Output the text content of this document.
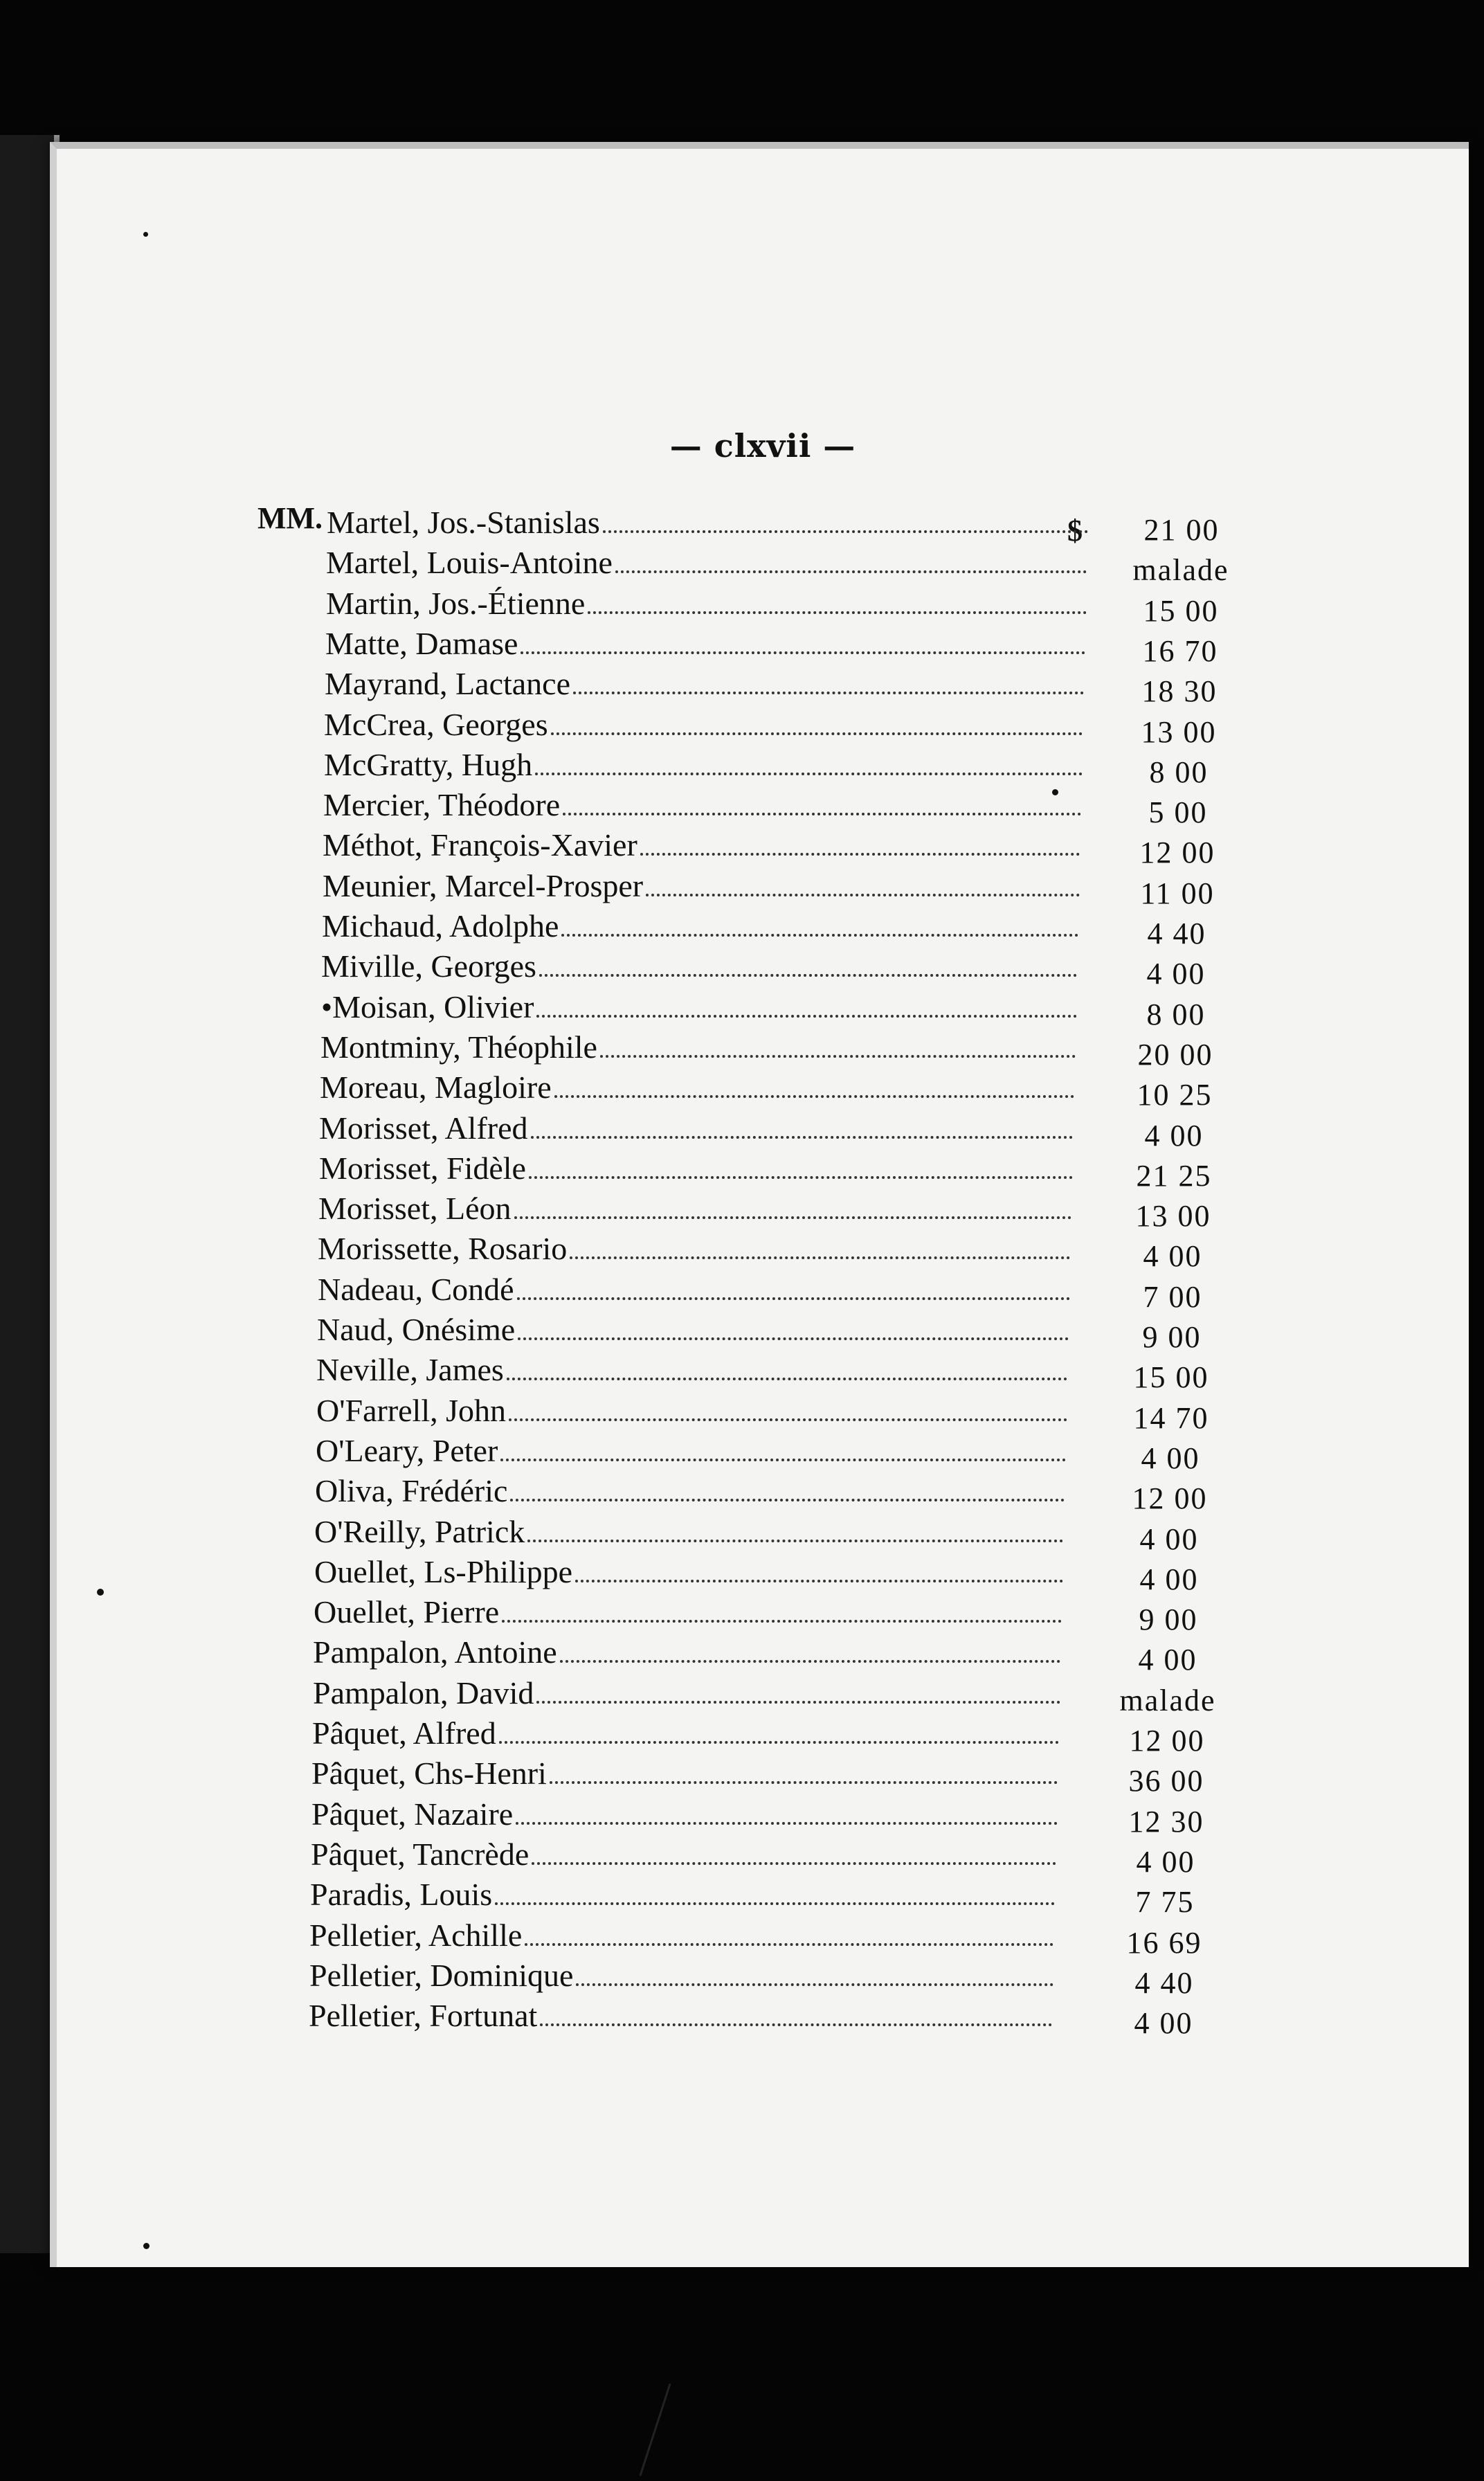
— clxvii —
MM.	$
Martel, Jos.-Stanislas	21 00
Martel, Louis-Antoine	malade
Martin, Jos.-Étienne	15 00
Matte, Damase	16 70
Mayrand, Lactance	18 30
McCrea, Georges	13 00
McGratty, Hugh	8 00
Mercier, Théodore	5 00
Méthot, François-Xavier	12 00
Meunier, Marcel-Prosper	11 00
Michaud, Adolphe	4 40
Miville, Georges	4 00
•Moisan, Olivier	8 00
Montminy, Théophile	20 00
Moreau, Magloire	10 25
Morisset, Alfred	4 00
Morisset, Fidèle	21 25
Morisset, Léon	13 00
Morissette, Rosario	4 00
Nadeau, Condé	7 00
Naud, Onésime	9 00
Neville, James	15 00
O'Farrell, John	14 70
O'Leary, Peter	4 00
Oliva, Frédéric	12 00
O'Reilly, Patrick	4 00
Ouellet, Ls-Philippe	4 00
Ouellet, Pierre	9 00
Pampalon, Antoine	4 00
Pampalon, David	malade
Pâquet, Alfred	12 00
Pâquet, Chs-Henri	36 00
Pâquet, Nazaire	12 30
Pâquet, Tancrède	4 00
Paradis, Louis	7 75
Pelletier, Achille	16 69
Pelletier, Dominique	4 40
Pelletier, Fortunat	4 00
